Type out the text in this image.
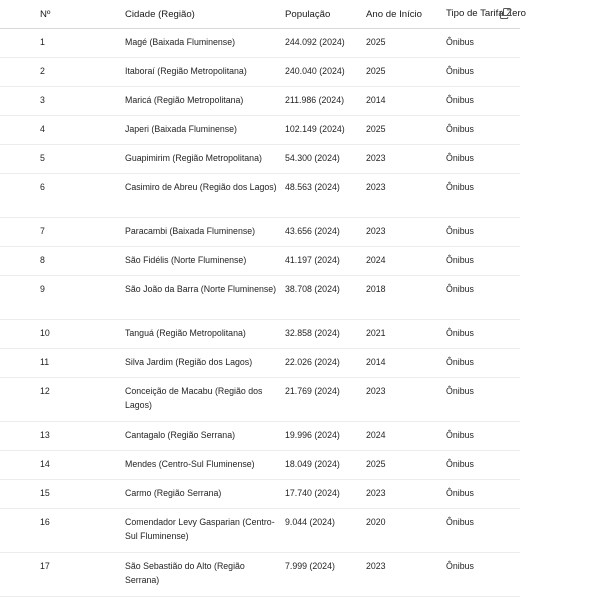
Nº	Cidade (Região)	População	Ano de Início	Tipo de Tarifa Zero
1	Magé (Baixada Fluminense)	244.092 (2024)	2025	Ônibus
2	Itaboraí (Região Metropolitana)	240.040 (2024)	2025	Ônibus
3	Maricá (Região Metropolitana)	211.986 (2024)	2014	Ônibus
4	Japeri (Baixada Fluminense)	102.149 (2024)	2025	Ônibus
5	Guapimirim (Região Metropolitana)	54.300 (2024)	2023	Ônibus
6	Casimiro de Abreu (Região dos Lagos)	48.563 (2024)	2023	Ônibus
7	Paracambi (Baixada Fluminense)	43.656 (2024)	2023	Ônibus
8	São Fidélis (Norte Fluminense)	41.197 (2024)	2024	Ônibus
9	São João da Barra (Norte Fluminense)	38.708 (2024)	2018	Ônibus
10	Tanguá (Região Metropolitana)	32.858 (2024)	2021	Ônibus
11	Silva Jardim (Região dos Lagos)	22.026 (2024)	2014	Ônibus
12	Conceição de Macabu (Região dos Lagos)	21.769 (2024)	2023	Ônibus
13	Cantagalo (Região Serrana)	19.996 (2024)	2024	Ônibus
14	Mendes (Centro-Sul Fluminense)	18.049 (2024)	2025	Ônibus
15	Carmo (Região Serrana)	17.740 (2024)	2023	Ônibus
16	Comendador Levy Gasparian (Centro-Sul Fluminense)	9.044 (2024)	2020	Ônibus
17	São Sebastião do Alto (Região Serrana)	7.999 (2024)	2023	Ônibus
